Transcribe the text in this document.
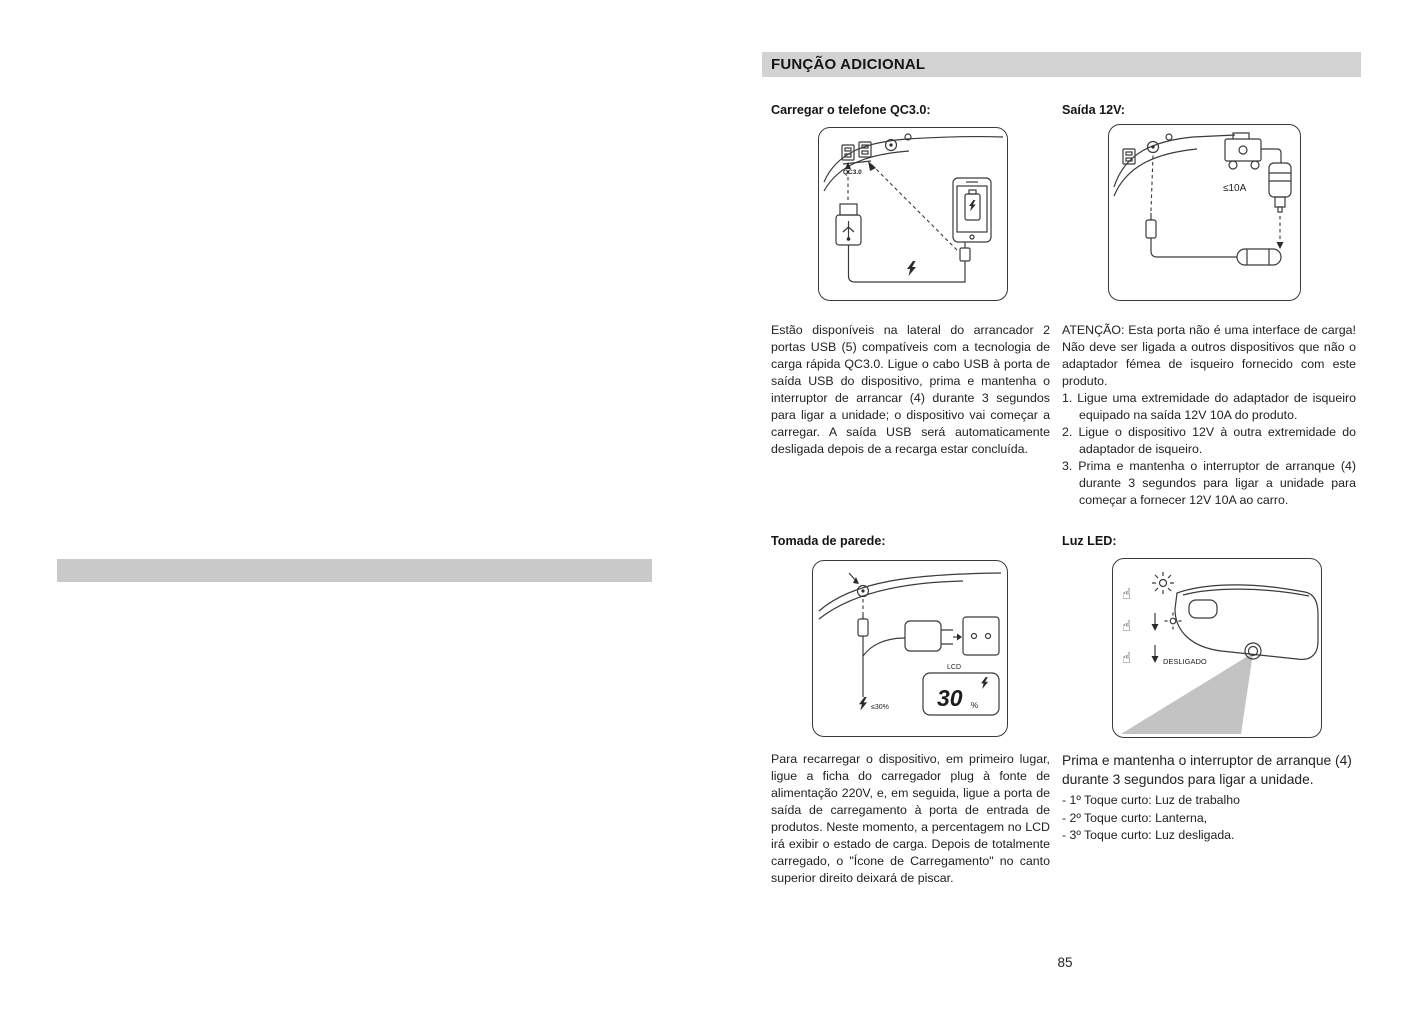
FUNÇÃO ADICIONAL
Carregar o telefone QC3.0:	Saída 12V:
QC3.0
≤10A

Estão disponíveis na lateral do arrancador 2 portas USB (5) compatíveis com a tecnologia de carga rápida QC3.0. Ligue o cabo USB à porta de saída USB do dispositivo, prima e mantenha o interruptor de arrancar (4) durante 3 segundos para ligar a unidade; o dispositivo vai começar a carregar. A saída USB será automaticamente desligada depois de a recarga estar concluída.

ATENÇÃO: Esta porta não é uma interface de carga! Não deve ser ligada a outros dispositivos que não o adaptador fémea de isqueiro fornecido com este produto.

1. Ligue uma extremidade do adaptador de isqueiro equipado na saída 12V 10A do produto.
2. Ligue o dispositivo 12V à outra extremidade do adaptador de isqueiro.
3. Prima e mantenha o interruptor de arranque (4) durante 3 segundos para ligar a unidade para começar a fornecer 12V 10A ao carro.
Tomada de parede:	Luz LED:
≤30%
LCD
30 %
☝
☝
☝	DESLIGADO

Para recarregar o dispositivo, em primeiro lugar, ligue a ficha do carregador plug à fonte de alimentação 220V, e, em seguida, ligue a porta de saída de carregamento à porta de entrada de produtos. Neste momento, a percentagem no LCD irá exibir o estado de carga. Depois de totalmente carregado, o "Ícone de Carregamento" no canto superior direito deixará de piscar.

Prima e mantenha o interruptor de arranque (4) durante 3 segundos para ligar a unidade.

- 1º Toque curto: Luz de trabalho
- 2º Toque curto: Lanterna,
- 3º Toque curto: Luz desligada.
85
